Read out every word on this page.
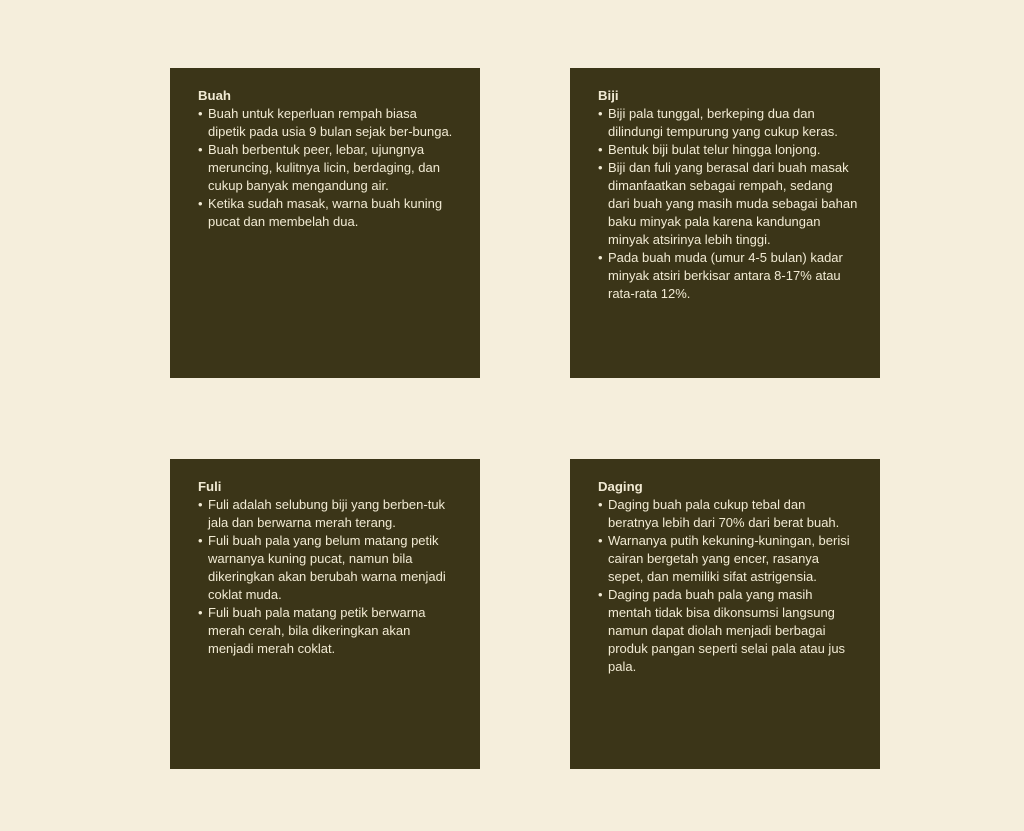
Buah
• Buah untuk keperluan rempah biasa dipetik pada usia 9 bulan sejak ber-bunga.
• Buah berbentuk peer, lebar, ujungnya meruncing, kulitnya licin, berdaging, dan cukup banyak mengandung air.
• Ketika sudah masak, warna buah kuning pucat dan membelah dua.
Biji
• Biji pala tunggal, berkeping dua dan dilindungi tempurung yang cukup keras.
• Bentuk biji bulat telur hingga lonjong.
• Biji dan fuli yang berasal dari buah masak dimanfaatkan sebagai rempah, sedang dari buah yang masih muda sebagai bahan baku minyak pala karena kandungan minyak atsirinya lebih tinggi.
• Pada buah muda (umur 4-5 bulan) kadar minyak atsiri berkisar antara 8-17% atau rata-rata 12%.
Fuli
• Fuli adalah selubung biji yang berben-tuk jala dan berwarna merah terang.
• Fuli buah pala yang belum matang petik warnanya kuning pucat, namun bila dikeringkan akan berubah warna menjadi coklat muda.
• Fuli buah pala matang petik berwarna merah cerah, bila dikeringkan akan menjadi merah coklat.
Daging
• Daging buah pala cukup tebal dan beratnya lebih dari 70% dari berat buah.
• Warnanya putih kekuning-kuningan, berisi cairan bergetah yang encer, rasanya sepet, dan memiliki sifat astrigensia.
• Daging pada buah pala yang masih mentah tidak bisa dikonsumsi langsung namun dapat diolah menjadi berbagai produk pangan seperti selai pala atau jus pala.
